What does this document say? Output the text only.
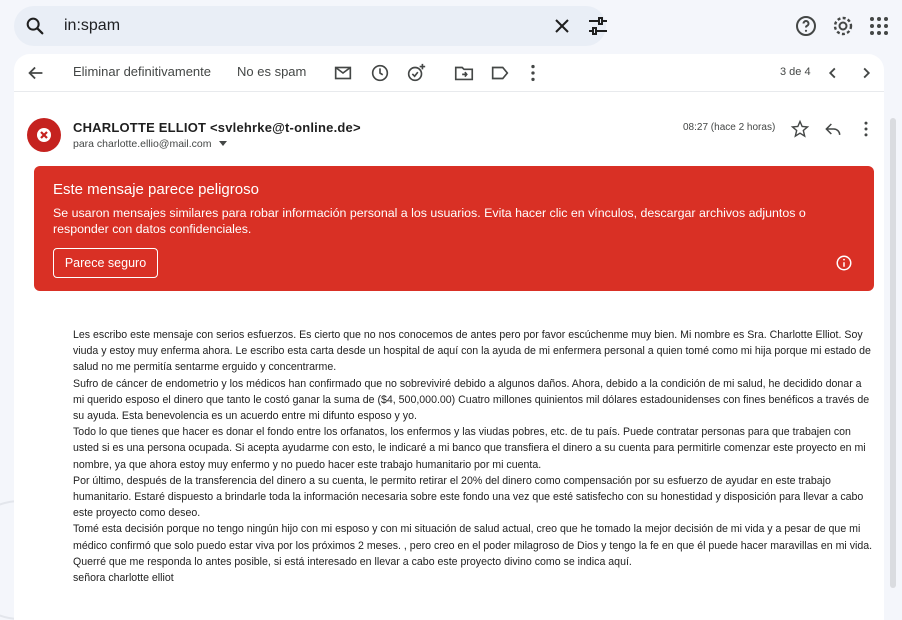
in:spam
Eliminar definitivamente No es spam	3 de 4
CHARLOTTE ELLIOT <svlehrke@t-online.de>
para charlotte.ellio@mail.com
08:27 (hace 2 horas)
Este mensaje parece peligroso
Se usaron mensajes similares para robar información personal a los usuarios. Evita hacer clic en vínculos, descargar archivos adjuntos o responder con datos confidenciales.
Parece seguro

Les escribo este mensaje con serios esfuerzos. Es cierto que no nos conocemos de antes pero por favor escúchenme muy bien. Mi nombre es Sra. Charlotte Elliot. Soy viuda y estoy muy enferma ahora. Le escribo esta carta desde un hospital de aquí con la ayuda de mi enfermera personal a quien tomé como mi hija porque mi estado de salud no me permitía sentarme erguido y concentrarme.

Sufro de cáncer de endometrio y los médicos han confirmado que no sobreviviré debido a algunos daños. Ahora, debido a la condición de mi salud, he decidido donar a mi querido esposo el dinero que tanto le costó ganar la suma de ($4, 500,000.00) Cuatro millones quinientos mil dólares estadounidenses con fines benéficos a través de su ayuda. Esta benevolencia es un acuerdo entre mi difunto esposo y yo.

Todo lo que tienes que hacer es donar el fondo entre los orfanatos, los enfermos y las viudas pobres, etc. de tu país. Puede contratar personas para que trabajen con usted si es una persona ocupada. Si acepta ayudarme con esto, le indicaré a mi banco que transfiera el dinero a su cuenta para permitirle comenzar este proyecto en mi nombre, ya que ahora estoy muy enfermo y no puedo hacer este trabajo humanitario por mi cuenta.

Por último, después de la transferencia del dinero a su cuenta, le permito retirar el 20% del dinero como compensación por su esfuerzo de ayudar en este trabajo humanitario. Estaré dispuesto a brindarle toda la información necesaria sobre este fondo una vez que esté satisfecho con su honestidad y disposición para llevar a cabo este proyecto como deseo.

Tomé esta decisión porque no tengo ningún hijo con mi esposo y con mi situación de salud actual, creo que he tomado la mejor decisión de mi vida y a pesar de que mi médico confirmó que solo puedo estar viva por los próximos 2 meses. , pero creo en el poder milagroso de Dios y tengo la fe en que él puede hacer maravillas en mi vida.

Querré que me responda lo antes posible, si está interesado en llevar a cabo este proyecto divino como se indica aquí.

señora charlotte elliot
